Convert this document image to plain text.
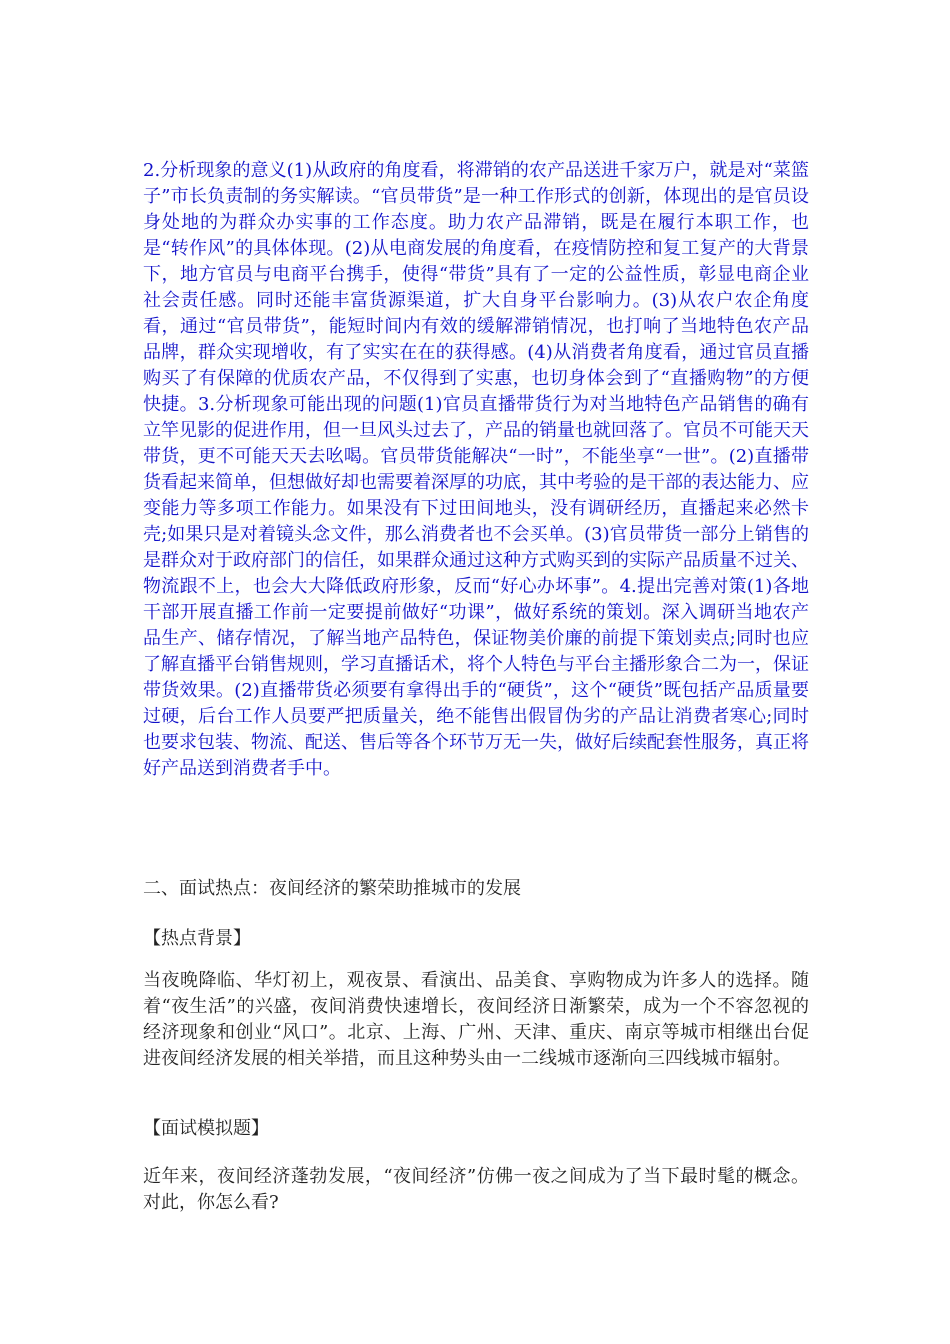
2.分析现象的意义(1)从政府的角度看，将滞销的农产品送进千家万户，就是对“菜篮子”市长负责制的务实解读。“官员带货”是一种工作形式的创新，体现出的是官员设身处地的为群众办实事的工作态度。助力农产品滞销，既是在履行本职工作，也是“转作风”的具体体现。(2)从电商发展的角度看，在疫情防控和复工复产的大背景下，地方官员与电商平台携手，使得“带货”具有了一定的公益性质，彰显电商企业社会责任感。同时还能丰富货源渠道，扩大自身平台影响力。(3)从农户农企角度看，通过“官员带货”，能短时间内有效的缓解滞销情况，也打响了当地特色农产品品牌，群众实现增收，有了实实在在的获得感。(4)从消费者角度看，通过官员直播购买了有保障的优质农产品，不仅得到了实惠，也切身体会到了“直播购物”的方便快捷。3.分析现象可能出现的问题(1)官员直播带货行为对当地特色产品销售的确有立竿见影的促进作用，但一旦风头过去了，产品的销量也就回落了。官员不可能天天带货，更不可能天天去吆喝。官员带货能解决“一时”，不能坐享“一世”。(2)直播带货看起来简单，但想做好却也需要着深厚的功底，其中考验的是干部的表达能力、应变能力等多项工作能力。如果没有下过田间地头，没有调研经历，直播起来必然卡壳;如果只是对着镜头念文件，那么消费者也不会买单。(3)官员带货一部分上销售的是群众对于政府部门的信任，如果群众通过这种方式购买到的实际产品质量不过关、物流跟不上，也会大大降低政府形象，反而“好心办坏事”。4.提出完善对策(1)各地干部开展直播工作前一定要提前做好“功课”，做好系统的策划。深入调研当地农产品生产、储存情况，了解当地产品特色，保证物美价廉的前提下策划卖点;同时也应了解直播平台销售规则，学习直播话术，将个人特色与平台主播形象合二为一，保证带货效果。(2)直播带货必须要有拿得出手的“硬货”，这个“硬货”既包括产品质量要过硬，后台工作人员要严把质量关，绝不能售出假冒伪劣的产品让消费者寒心;同时也要求包装、物流、配送、售后等各个环节万无一失，做好后续配套性服务，真正将好产品送到消费者手中。

二、面试热点：夜间经济的繁荣助推城市的发展

【热点背景】

当夜晚降临、华灯初上，观夜景、看演出、品美食、享购物成为许多人的选择。随着“夜生活”的兴盛，夜间消费快速增长，夜间经济日渐繁荣，成为一个不容忽视的经济现象和创业“风口”。北京、上海、广州、天津、重庆、南京等城市相继出台促进夜间经济发展的相关举措，而且这种势头由一二线城市逐渐向三四线城市辐射。

【面试模拟题】

近年来，夜间经济蓬勃发展，“夜间经济”仿佛一夜之间成为了当下最时髦的概念。对此，你怎么看?
